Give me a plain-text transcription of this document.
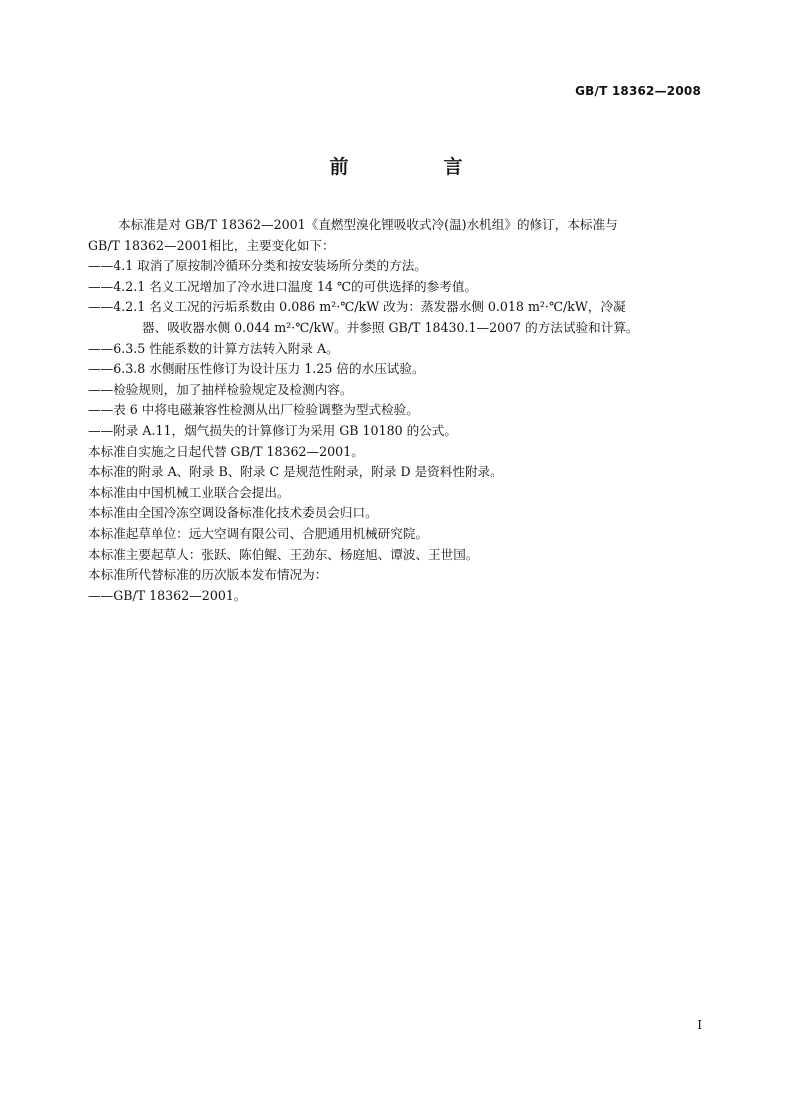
GB/T 18362—2008
前　言

本标准是对 GB/T 18362—2001《直燃型溴化锂吸收式冷(温)水机组》的修订，本标准与

GB/T 18362—2001相比，主要变化如下：

——4.1 取消了原按制冷循环分类和按安装场所分类的方法。

——4.2.1 名义工况增加了冷水进口温度 14 ℃的可供选择的参考值。

——4.2.1 名义工况的污垢系数由 0.086 m²·℃/kW 改为：蒸发器水侧 0.018 m²·℃/kW，冷凝

器、吸收器水侧 0.044 m²·℃/kW。并参照 GB/T 18430.1—2007 的方法试验和计算。

——6.3.5 性能系数的计算方法转入附录 A。

——6.3.8 水侧耐压性修订为设计压力 1.25 倍的水压试验。

——检验规则，加了抽样检验规定及检测内容。

——表 6 中将电磁兼容性检测从出厂检验调整为型式检验。

——附录 A.11，烟气损失的计算修订为采用 GB 10180 的公式。

本标准自实施之日起代替 GB/T 18362—2001。

本标准的附录 A、附录 B、附录 C 是规范性附录，附录 D 是资料性附录。

本标准由中国机械工业联合会提出。

本标准由全国冷冻空调设备标准化技术委员会归口。

本标准起草单位：远大空调有限公司、合肥通用机械研究院。

本标准主要起草人：张跃、陈伯鲲、王劲东、杨庭旭、谭波、王世国。

本标准所代替标准的历次版本发布情况为：

——GB/T 18362—2001。

I
